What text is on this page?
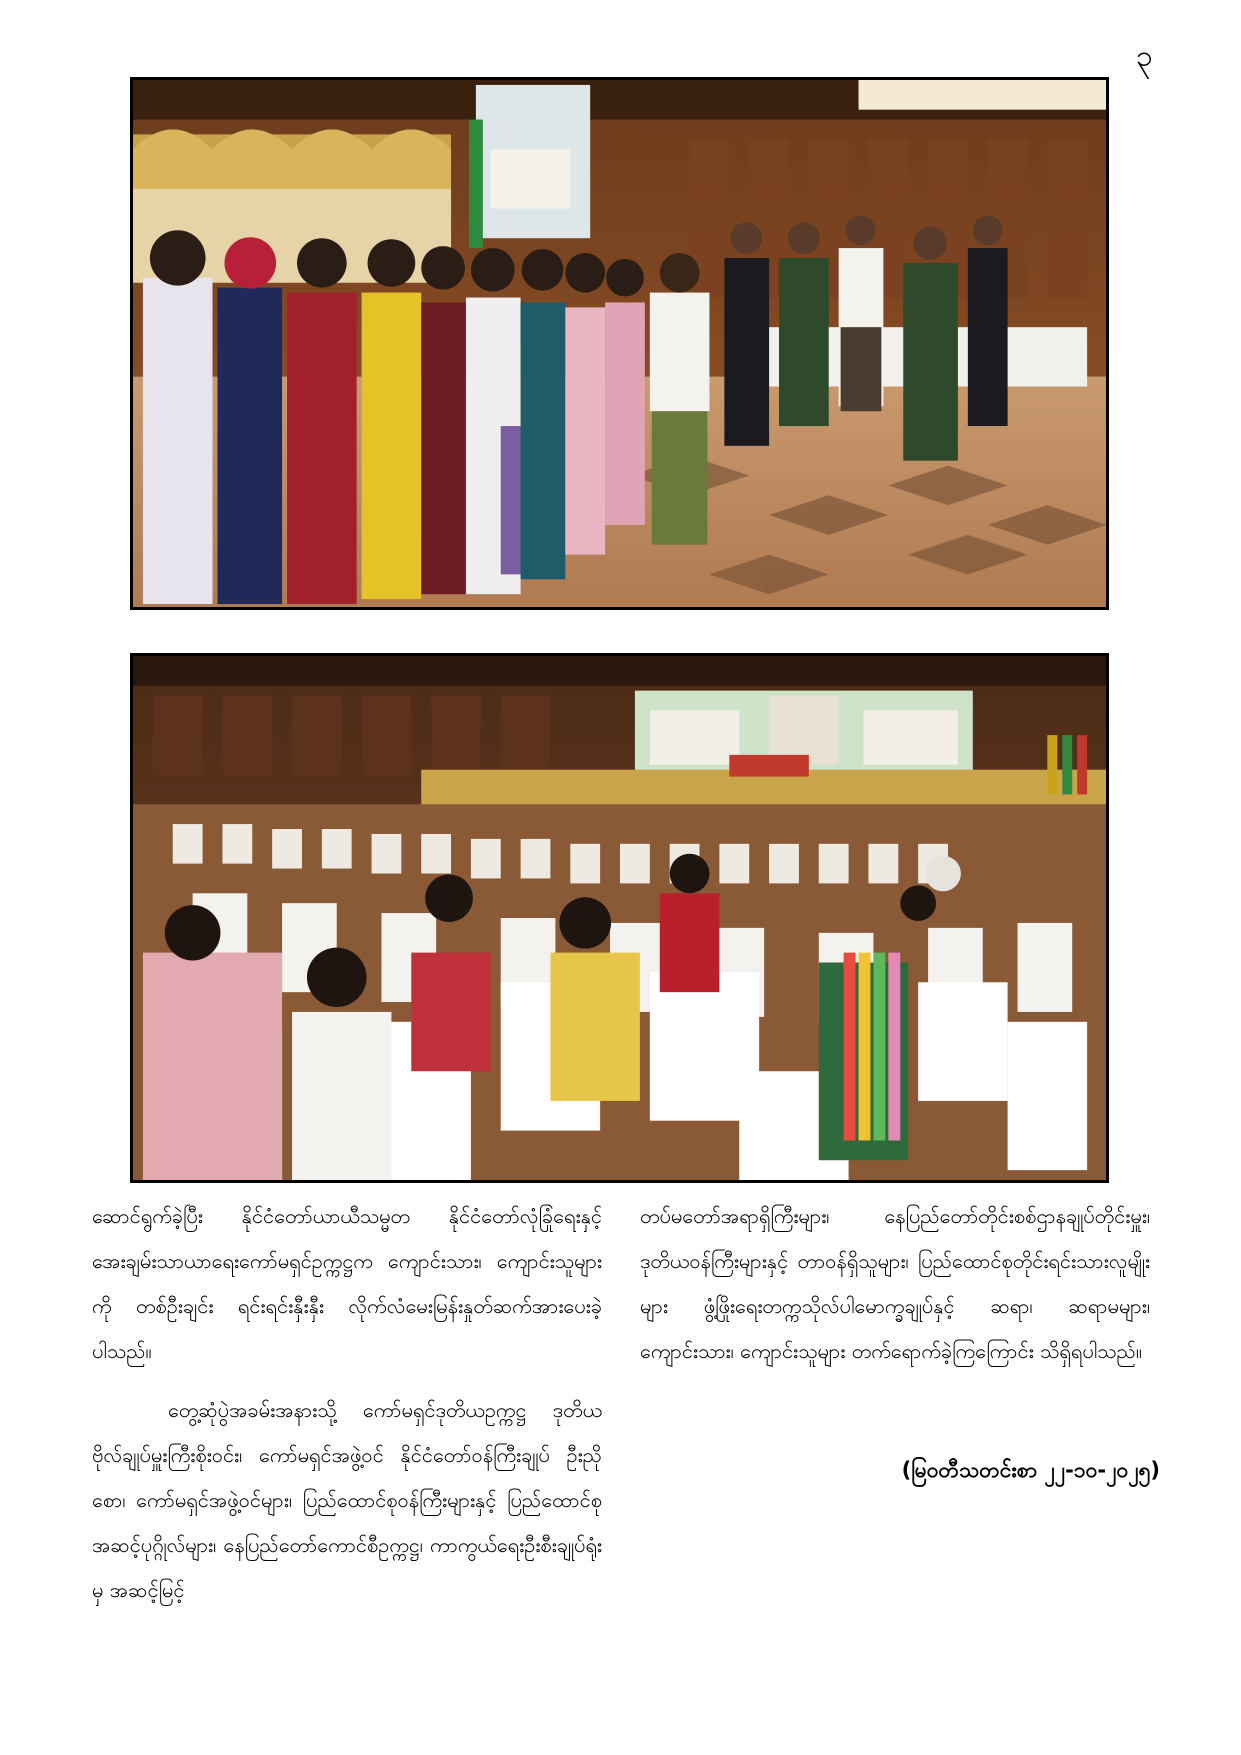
၃

ဆောင်ရွက်ခဲ့ပြီး နိုင်ငံတော်ယာယီသမ္မတ နိုင်ငံတော်လုံခြုံရေးနှင့် အေးချမ်းသာယာရေးကော်မရှင်ဥက္ကဋ္ဌက ကျောင်းသား၊ ကျောင်းသူများကို တစ်ဦးချင်း ရင်းရင်းနှီးနှီး လိုက်လံမေးမြန်းနှုတ်ဆက်အားပေးခဲ့ပါသည်။

တွေ့ဆုံပွဲအခမ်းအနားသို့ ကော်မရှင်ဒုတိယဥက္ကဋ္ဌ ဒုတိယဗိုလ်ချုပ်မှူးကြီးစိုးဝင်း၊ ကော်မရှင်အဖွဲ့ဝင် နိုင်ငံတော်ဝန်ကြီးချုပ် ဦးညိုစော၊ ကော်မရှင်အဖွဲ့ဝင်များ၊ ပြည်ထောင်စုဝန်ကြီးများနှင့် ပြည်ထောင်စုအဆင့်ပုဂ္ဂိုလ်များ၊ နေပြည်တော်ကောင်စီဥက္ကဋ္ဌ၊ ကာကွယ်ရေးဦးစီးချုပ်ရုံးမှ အဆင့်မြင့်

တပ်မတော်အရာရှိကြီးများ၊ နေပြည်တော်တိုင်းစစ်ဌာနချုပ်တိုင်းမှူး၊ ဒုတိယဝန်ကြီးများနှင့် တာဝန်ရှိသူများ၊ ပြည်ထောင်စုတိုင်းရင်းသားလူမျိုးများ ဖွံ့ဖြိုးရေးတက္ကသိုလ်ပါမောက္ခချုပ်နှင့် ဆရာ၊ ဆရာမများ၊ ကျောင်းသား၊ ကျောင်းသူများ တက်ရောက်ခဲ့ကြကြောင်း သိရှိရပါသည်။

(မြဝတီသတင်းစာ ၂၂-၁၀-၂၀၂၅)
